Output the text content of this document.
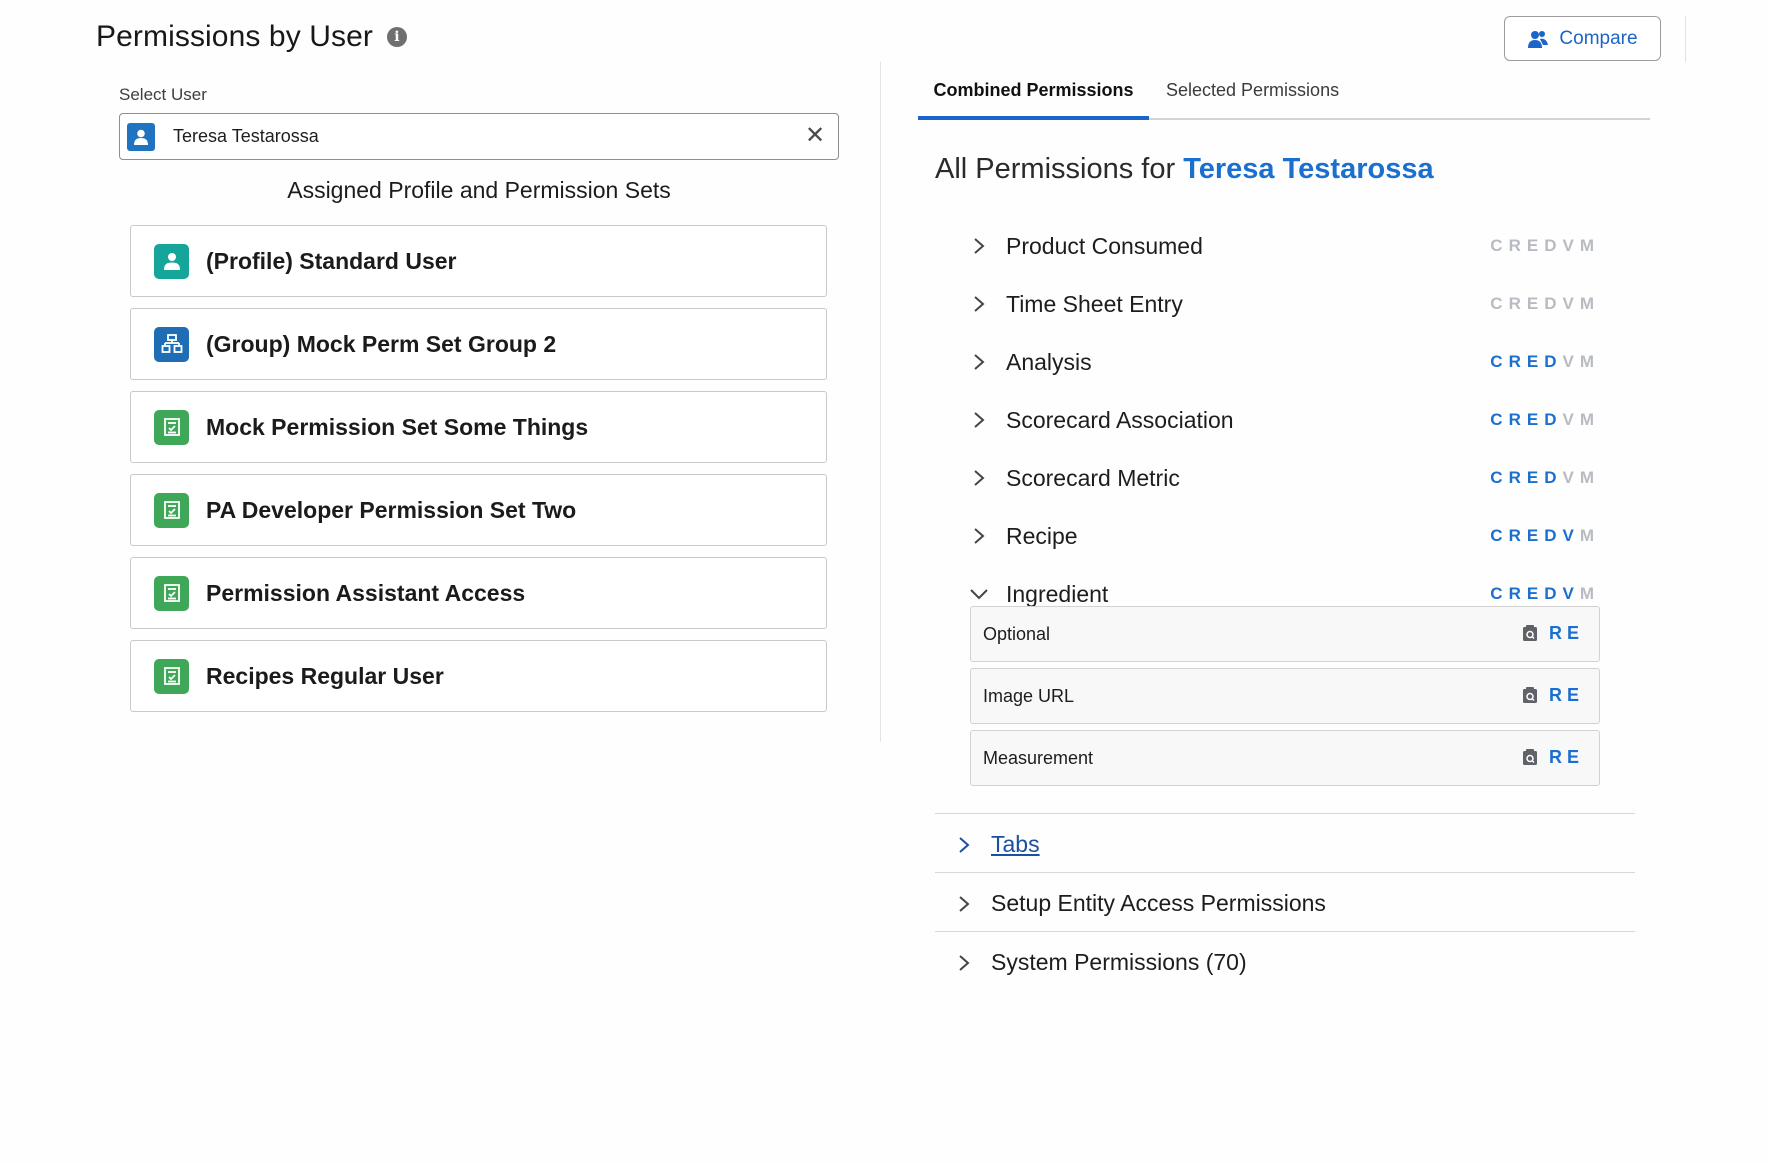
Permissions by User	i	Compare
Select User
Teresa Testarossa	✕
Assigned Profile and Permission Sets
(Profile) Standard User
(Group) Mock Perm Set Group 2
Mock Permission Set Some Things
PA Developer Permission Set Two
Permission Assistant Access
Recipes Regular User
Combined Permissions	Selected Permissions
All Permissions for Teresa Testarossa
Product Consumed	CREDVM
Time Sheet Entry	CREDVM
Analysis	CREDVM
Scorecard Association	CREDVM
Scorecard Metric	CREDVM
Recipe	CREDVM
Ingredient	CREDVM
Optional	RE
Image URL	RE
Measurement	RE
Tabs
Setup Entity Access Permissions
System Permissions (70)
